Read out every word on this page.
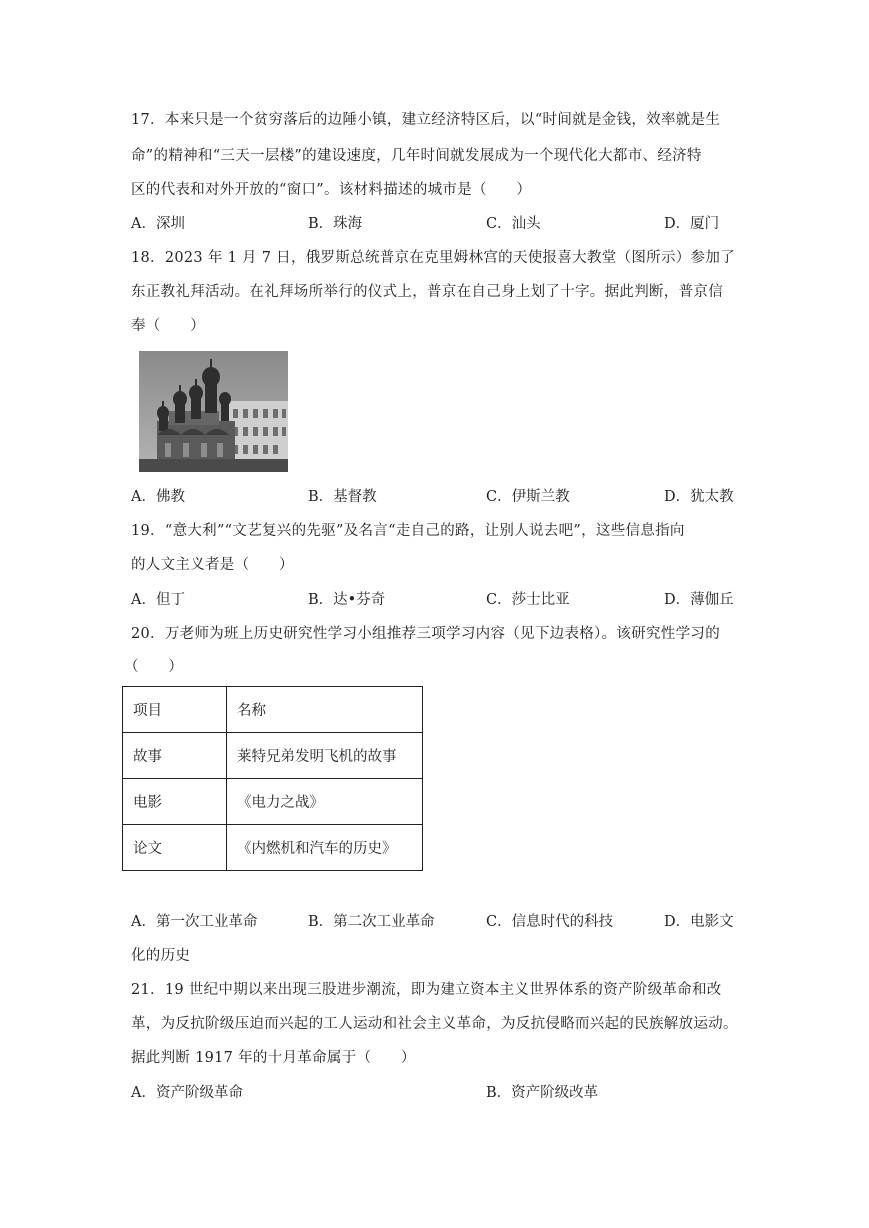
17．本来只是一个贫穷落后的边陲小镇，建立经济特区后，以“时间就是金钱，效率就是生
命”的精神和“三天一层楼”的建设速度，几年时间就发展成为一个现代化大都市、经济特
区的代表和对外开放的“窗口”。该材料描述的城市是（　　）
A．深圳	B．珠海	C．汕头	D．厦门
18．2023 年 1 月 7 日，俄罗斯总统普京在克里姆林宫的天使报喜大教堂（图所示）参加了
东正教礼拜活动。在礼拜场所举行的仪式上，普京在自己身上划了十字。据此判断，普京信
奉（　　）
A．佛教	B．基督教	C．伊斯兰教	D．犹太教
19．“意大利”“文艺复兴的先驱”及名言“走自己的路，让别人说去吧”，这些信息指向
的人文主义者是（　　）
A．但丁	B．达•芬奇	C．莎士比亚	D．薄伽丘
20．万老师为班上历史研究性学习小组推荐三项学习内容（见下边表格）。该研究性学习的
（　　）
项目	名称
故事	莱特兄弟发明飞机的故事
电影	《电力之战》
论文	《内燃机和汽车的历史》
A．第一次工业革命	B．第二次工业革命	C．信息时代的科技	D．电影文
化的历史
21．19 世纪中期以来出现三股进步潮流，即为建立资本主义世界体系的资产阶级革命和改
革，为反抗阶级压迫而兴起的工人运动和社会主义革命，为反抗侵略而兴起的民族解放运动。
据此判断 1917 年的十月革命属于（　　）
A．资产阶级革命	B．资产阶级改革
